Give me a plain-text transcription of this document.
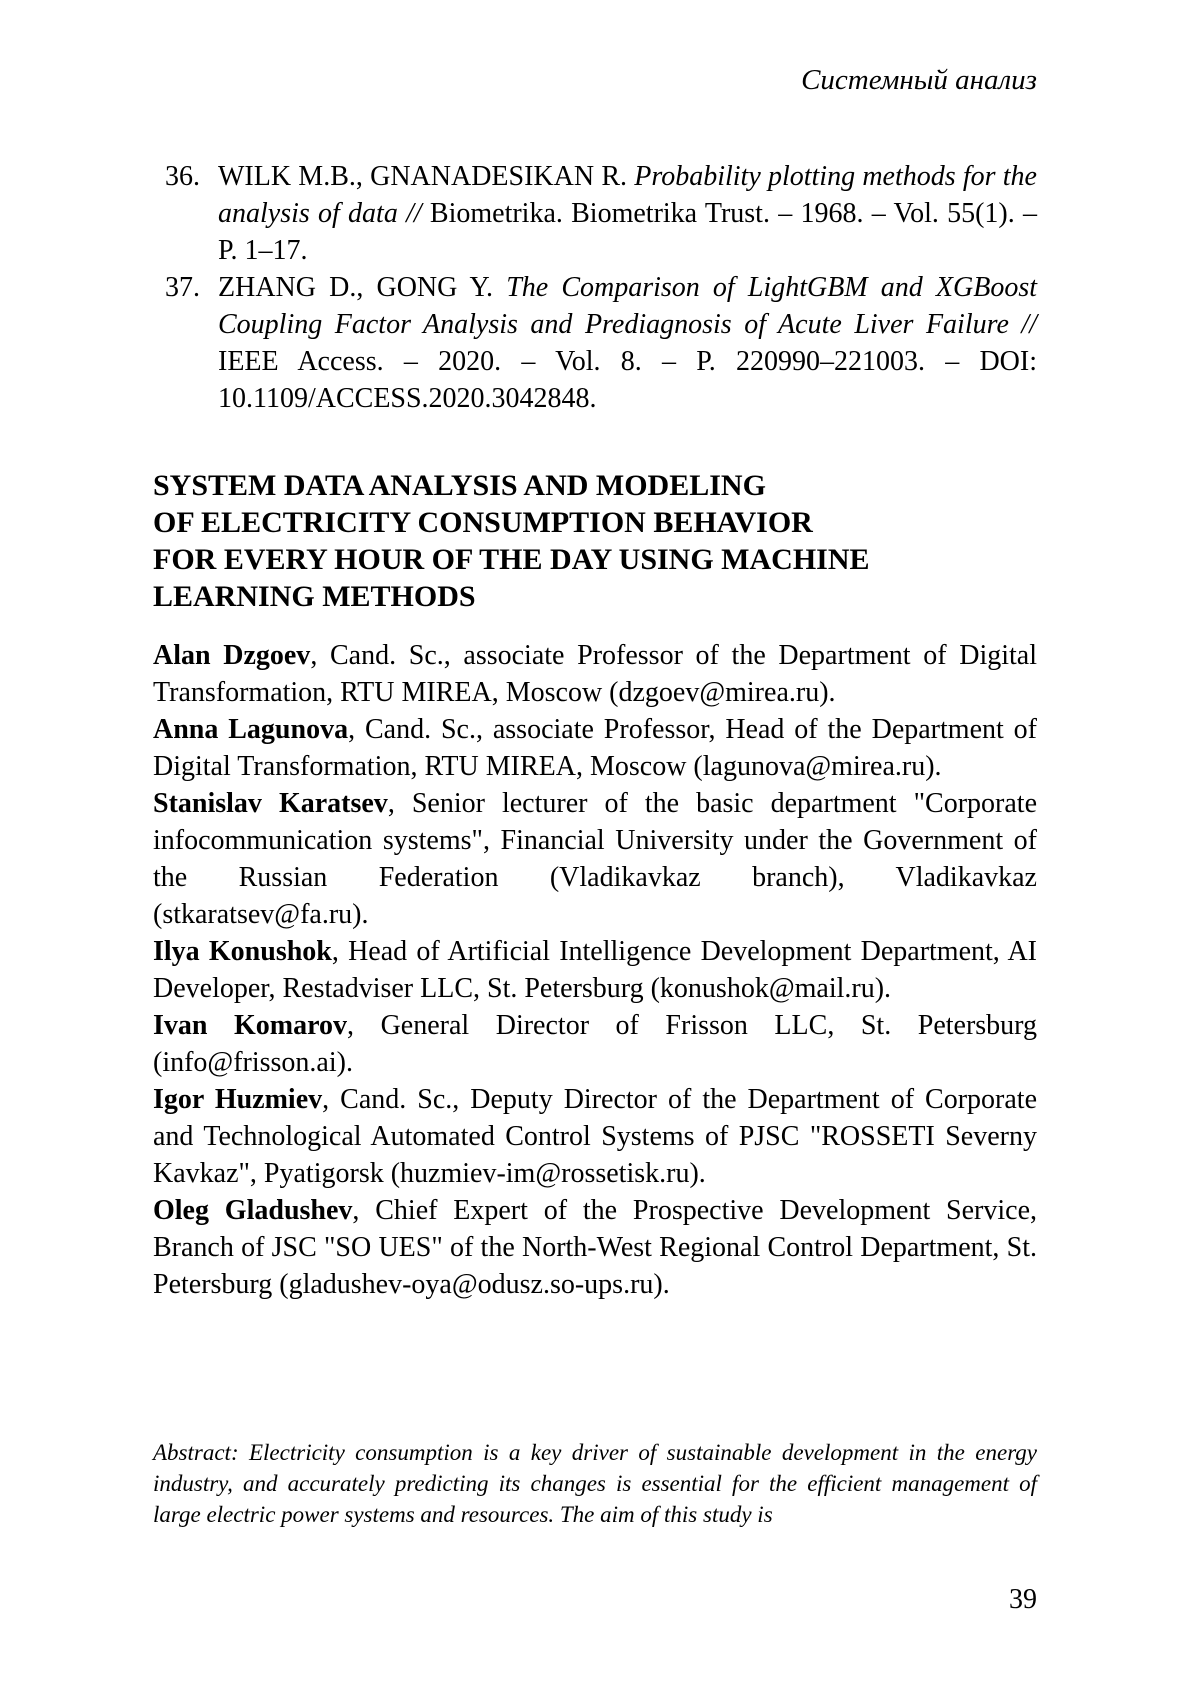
Системный анализ
36. WILK M.B., GNANADESIKAN R. Probability plotting methods for the analysis of data // Biometrika. Biometrika Trust. – 1968. – Vol. 55(1). – P. 1–17.
37. ZHANG D., GONG Y. The Comparison of LightGBM and XGBoost Coupling Factor Analysis and Prediagnosis of Acute Liver Failure // IEEE Access. – 2020. – Vol. 8. – P. 220990–221003. – DOI: 10.1109/ACCESS.2020.3042848.
SYSTEM DATA ANALYSIS AND MODELING
OF ELECTRICITY CONSUMPTION BEHAVIOR
FOR EVERY HOUR OF THE DAY USING MACHINE
LEARNING METHODS
Alan Dzgoev, Cand. Sc., associate Professor of the Department of Digital Transformation, RTU MIREA, Moscow (dzgoev@mirea.ru).
Anna Lagunova, Cand. Sc., associate Professor, Head of the Department of Digital Transformation, RTU MIREA, Moscow (lagunova@mirea.ru).
Stanislav Karatsev, Senior lecturer of the basic department "Corporate infocommunication systems", Financial University under the Government of the Russian Federation (Vladikavkaz branch), Vladikavkaz (stkaratsev@fa.ru).
Ilya Konushok, Head of Artificial Intelligence Development Department, AI Developer, Restadviser LLC, St. Petersburg (konushok@mail.ru).
Ivan Komarov, General Director of Frisson LLC, St. Petersburg (info@frisson.ai).
Igor Huzmiev, Cand. Sc., Deputy Director of the Department of Corporate and Technological Automated Control Systems of PJSC "ROSSETI Severny Kavkaz", Pyatigorsk (huzmiev-im@rossetisk.ru).
Oleg Gladushev, Chief Expert of the Prospective Development Service, Branch of JSC "SO UES" of the North-West Regional Control Department, St. Petersburg (gladushev-oya@odusz.so-ups.ru).
Abstract: Electricity consumption is a key driver of sustainable development in the energy industry, and accurately predicting its changes is essential for the efficient management of large electric power systems and resources. The aim of this study is
39
